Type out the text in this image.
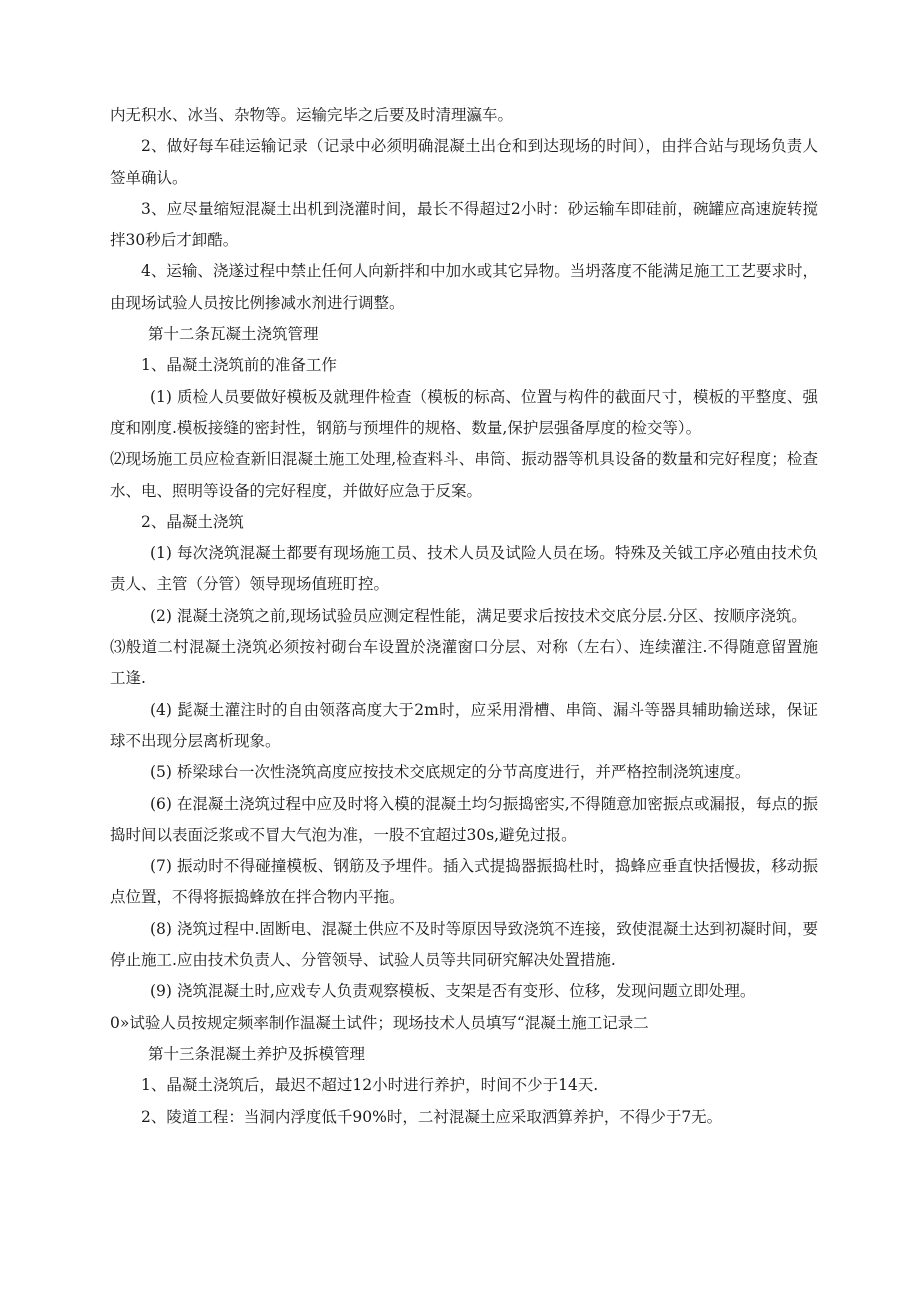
内无积水、冰当、杂物等。运输完毕之后要及时清理瀛车。

2、做好每车硅运输记录（记录中必须明确混凝土出仓和到达现场的时间），由拌合站与现场负责人签单确认。

3、应尽量缩短混凝土出机到浇灌时间，最长不得超过2小时：砂运输车即硅前，碗罐应高速旋转搅拌30秒后才卸酷。

4、运输、浇遂过程中禁止任何人向新拌和中加水或其它异物。当坍落度不能满足施工工艺要求时，由现场试验人员按比例掺减水剂进行调整。

第十二条瓦凝土浇筑管理

1、晶凝土浇筑前的准备工作

(1) 质检人员要做好模板及就理件检查（模板的标高、位置与构件的截面尺寸，模板的平整度、强度和刚度.模板接缝的密封性，钢筋与预埋件的规格、数量,保护层强备厚度的检交等）。

⑵现场施工员应检查新旧混凝土施工处理,检查料斗、串筒、振动器等机具设备的数量和完好程度；检查水、电、照明等设备的完好程度，并做好应急于反案。

2、晶凝土浇筑

(1) 每次浇筑混凝土都要有现场施工员、技术人员及试险人员在场。特殊及关钺工序必殖由技术负责人、主管（分管）领导现场值班盯控。

(2) 混凝土浇筑之前,现场试验员应测定程性能，满足要求后按技术交底分层.分区、按顺序浇筑。

⑶般道二村混凝土浇筑必须按衬砌台车设置於浇灌窗口分层、对称（左右）、连续灌注.不得随意留置施工逢.

(4) 髭凝土灌注时的自由领落高度大于2m时，应采用滑槽、串筒、漏斗等器具辅助输送球，保证球不出现分层离析现象。

(5) 桥梁球台一次性浇筑高度应按技术交底规定的分节高度进行，并严格控制浇筑速度。

(6) 在混凝土浇筑过程中应及时将入模的混凝土均匀振捣密实,不得随意加密振点或漏报，每点的振捣时间以表面泛浆或不冒大气泡为准，一股不宜超过30s,避免过报。

(7) 振动时不得碰撞模板、钢筋及予埋件。插入式提捣器振捣杜时，捣蜂应垂直快括慢拔，移动振点位置，不得将振捣蜂放在拌合物内平拖。

(8) 浇筑过程中.固断电、混凝土供应不及时等原因导致浇筑不连接，致使混凝土达到初凝时间，要停止施工.应由技术负责人、分管领导、试验人员等共同研究解决处置措施.

(9) 浇筑混凝土时,应戏专人负责观察模板、支架是否有变形、位移，发现问题立即处理。

0»试验人员按规定频率制作温凝土试件；现场技术人员填写“混凝土施工记录二

第十三条混凝土养护及拆模管理

1、晶凝土浇筑后，最迟不超过12小时进行养护，时间不少于14天.

2、陵道工程：当洞内浮度低千90%时，二衬混凝土应采取洒算养护，不得少于7无。
